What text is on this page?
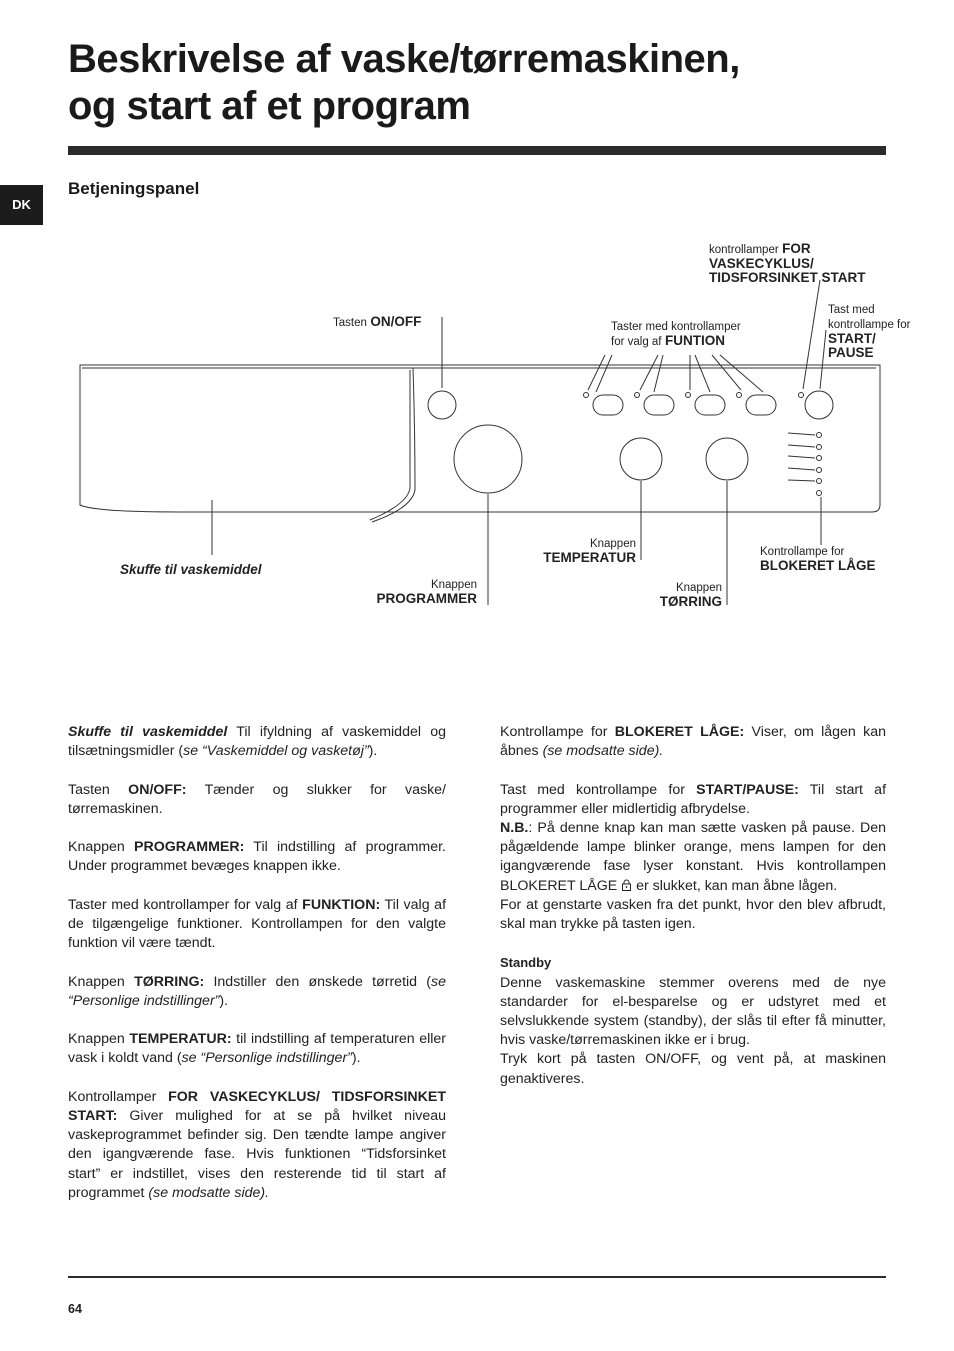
Beskrivelse af vaske/tørremaskinen,
og start af et program
DK
Betjeningspanel
kontrollamper FOR
VASKECYKLUS/
TIDSFORSINKET START
Tasten ON/OFF	Taster med kontrollamper
for valg af FUNTION
Tast med
kontrollampe for
START/
PAUSE
Skuffe til vaskemiddel
Knappen
PROGRAMMER
Knappen
TEMPERATUR
Knappen
TØRRING
Kontrollampe for
BLOKERET LÅGE

Skuffe til vaskemiddel Til ifyldning af vaskemiddel og tilsætningsmidler (se “Vaskemiddel og vasketøj”).

Tasten ON/OFF: Tænder og slukker for vaske/ tørremaskinen.

Knappen PROGRAMMER: Til indstilling af programmer. Under programmet bevæges knappen ikke.

Taster med kontrollamper for valg af FUNKTION: Til valg af de tilgængelige funktioner. Kontrollampen for den valgte funktion vil være tændt.

Knappen TØRRING: Indstiller den ønskede tørretid (se “Personlige indstillinger”).

Knappen TEMPERATUR: til indstilling af temperaturen eller vask i koldt vand (se “Personlige indstillinger”).

Kontrollamper FOR VASKECYKLUS/ TIDSFORSINKET START: Giver mulighed for at se på hvilket niveau vaskeprogrammet befinder sig. Den tændte lampe angiver den igangværende fase. Hvis funktionen “Tidsforsinket start” er indstillet, vises den resterende tid til start af programmet (se modsatte side).

Kontrollampe for BLOKERET LÅGE: Viser, om lågen kan åbnes (se modsatte side).

Tast med kontrollampe for START/PAUSE: Til start af programmer eller midlertidig afbrydelse.
N.B.: På denne knap kan man sætte vasken på pause. Den pågældende lampe blinker orange, mens lampen for den igangværende fase lyser konstant. Hvis kontrollampen BLOKERET LÅGE  er slukket, kan man åbne lågen.
For at genstarte vasken fra det punkt, hvor den blev afbrudt, skal man trykke på tasten igen.

Standby
Denne vaskemaskine stemmer overens med de nye standarder for el-besparelse og er udstyret med et selvslukkende system (standby), der slås til efter få minutter, hvis vaske/tørremaskinen ikke er i brug.
Tryk kort på tasten ON/OFF, og vent på, at maskinen genaktiveres.

64
